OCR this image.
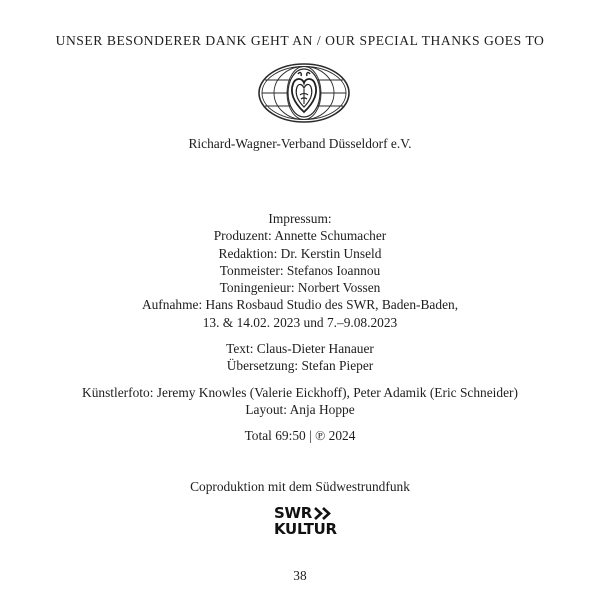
UNSER BESONDERER DANK GEHT AN / OUR SPECIAL THANKS GOES TO
Richard-Wagner-Verband Düsseldorf e.V.
Impressum:
Produzent: Annette Schumacher
Redaktion: Dr. Kerstin Unseld
Tonmeister: Stefanos Ioannou
Toningenieur: Norbert Vossen
Aufnahme: Hans Rosbaud Studio des SWR, Baden-Baden,
13. & 14.02. 2023 und 7.–9.08.2023
Text: Claus-Dieter Hanauer
Übersetzung: Stefan Pieper
Künstlerfoto: Jeremy Knowles (Valerie Eickhoff), Peter Adamik (Eric Schneider)
Layout: Anja Hoppe
Total 69:50 | ℗ 2024
Coproduktion mit dem Südwestrundfunk
SWR
KULTUR
38
